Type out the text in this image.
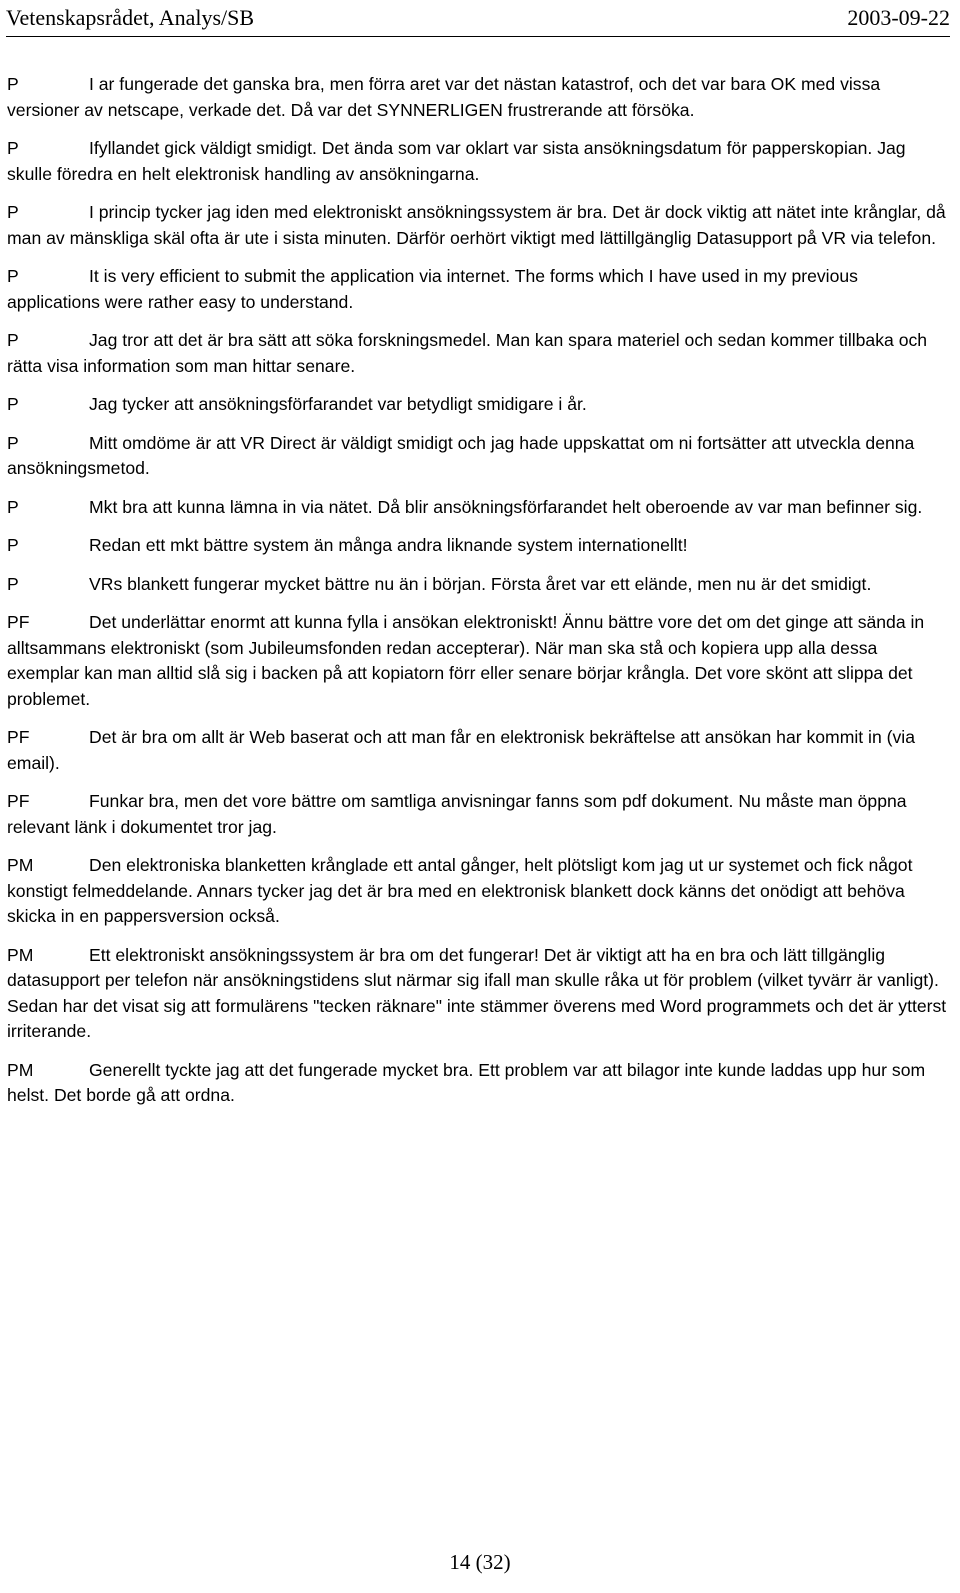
Vetenskapsrådet, Analys/SB	2003-09-22

P	I ar fungerade det ganska bra, men förra aret var det nästan katastrof, och det var bara OK med vissa versioner av netscape, verkade det. Då var det SYNNERLIGEN frustrerande att försöka.

P	Ifyllandet gick väldigt smidigt. Det ända som var oklart var sista ansökningsdatum för papperskopian. Jag skulle föredra en helt elektronisk handling av ansökningarna.

P	I princip tycker jag iden med elektroniskt ansökningssystem är bra. Det är dock viktig att nätet inte krånglar, då man av mänskliga skäl ofta är ute i sista minuten. Därför oerhört viktigt med lättillgänglig Datasupport på VR via telefon.

P	It is very efficient to submit the application via internet. The forms which I have used in my previous applications were rather easy to understand.

P	Jag tror att det är bra sätt att söka forskningsmedel. Man kan spara materiel och sedan kommer tillbaka och rätta visa information som man hittar senare.

P	Jag tycker att ansökningsförfarandet var betydligt smidigare i år.

P	Mitt omdöme är att VR Direct är väldigt smidigt och jag hade uppskattat om ni fortsätter att utveckla denna ansökningsmetod.

P	Mkt bra att kunna lämna in via nätet. Då blir ansökningsförfarandet helt oberoende av var man befinner sig.

P	Redan ett mkt bättre system än många andra liknande system internationellt!

P	VRs blankett fungerar mycket bättre nu än i början. Första året var ett elände, men nu är det smidigt.

PF	Det underlättar enormt att kunna fylla i ansökan elektroniskt! Ännu bättre vore det om det ginge att sända in alltsammans elektroniskt (som Jubileumsfonden redan accepterar). När man ska stå och kopiera upp alla dessa exemplar kan man alltid slå sig i backen på att kopiatorn förr eller senare börjar krångla. Det vore skönt att slippa det problemet.

PF	Det är bra om allt är Web baserat och att man får en elektronisk bekräftelse att ansökan har kommit in (via email).

PF	Funkar bra, men det vore bättre om samtliga anvisningar fanns som pdf dokument. Nu måste man öppna relevant länk i dokumentet tror jag.

PM	Den elektroniska blanketten krånglade ett antal gånger, helt plötsligt kom jag ut ur systemet och fick något konstigt felmeddelande. Annars tycker jag det är bra med en elektronisk blankett dock känns det onödigt att behöva skicka in en pappersversion också.

PM	Ett elektroniskt ansökningssystem är bra om det fungerar! Det är viktigt att ha en bra och lätt tillgänglig datasupport per telefon när ansökningstidens slut närmar sig ifall man skulle råka ut för problem (vilket tyvärr är vanligt). Sedan har det visat sig att formulärens "tecken räknare" inte stämmer överens med Word programmets och det är ytterst irriterande.

PM	Generellt tyckte jag att det fungerade mycket bra. Ett problem var att bilagor inte kunde laddas upp hur som helst. Det borde gå att ordna.

14 (32)
